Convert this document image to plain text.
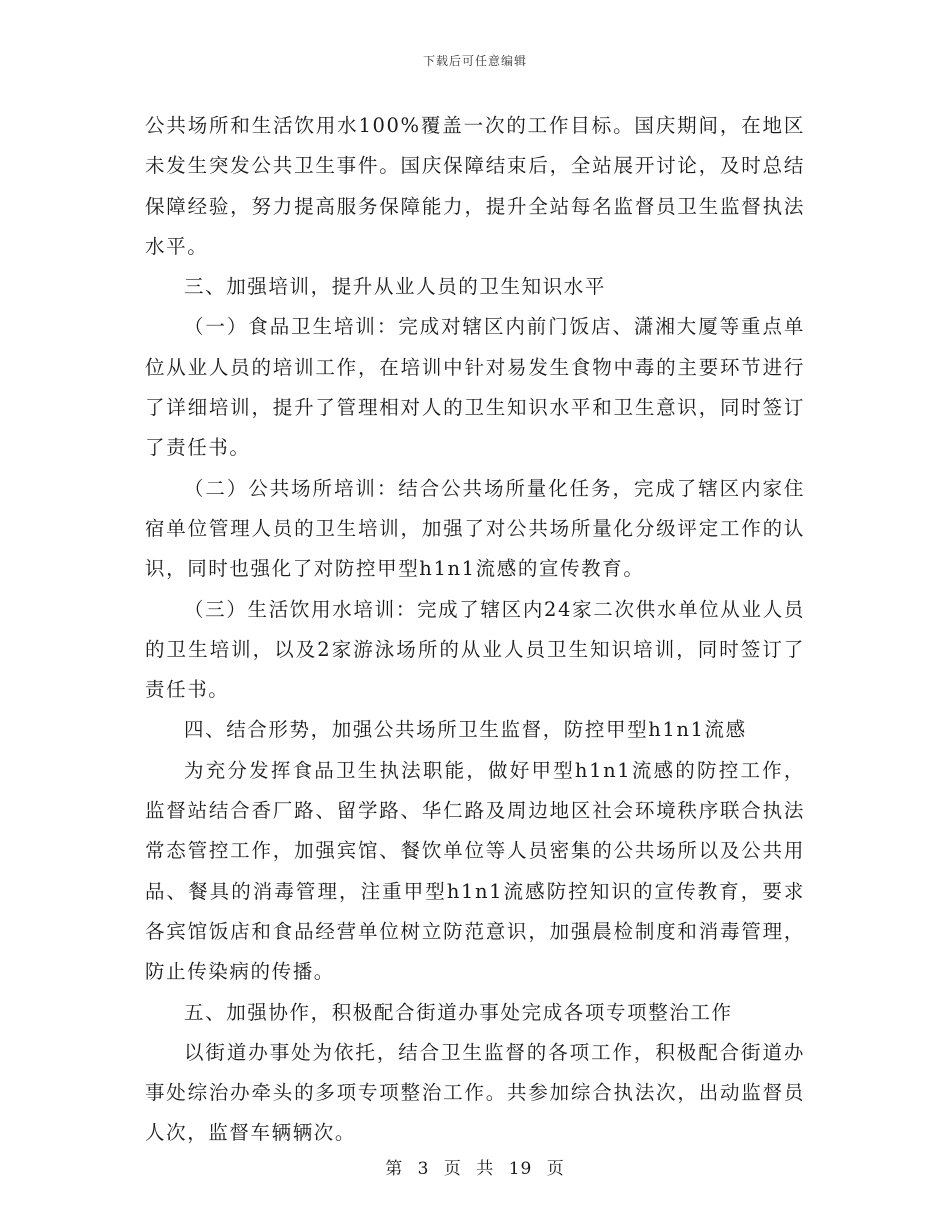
下载后可任意编辑

公共场所和生活饮用水100%覆盖一次的工作目标。国庆期间，在地区未发生突发公共卫生事件。国庆保障结束后，全站展开讨论，及时总结保障经验，努力提高服务保障能力，提升全站每名监督员卫生监督执法水平。

三、加强培训，提升从业人员的卫生知识水平

（一）食品卫生培训：完成对辖区内前门饭店、潇湘大厦等重点单位从业人员的培训工作，在培训中针对易发生食物中毒的主要环节进行了详细培训，提升了管理相对人的卫生知识水平和卫生意识，同时签订了责任书。

（二）公共场所培训：结合公共场所量化任务，完成了辖区内家住宿单位管理人员的卫生培训，加强了对公共场所量化分级评定工作的认识，同时也强化了对防控甲型h1n1流感的宣传教育。

（三）生活饮用水培训：完成了辖区内24家二次供水单位从业人员的卫生培训，以及2家游泳场所的从业人员卫生知识培训，同时签订了责任书。

四、结合形势，加强公共场所卫生监督，防控甲型h1n1流感

为充分发挥食品卫生执法职能，做好甲型h1n1流感的防控工作，监督站结合香厂路、留学路、华仁路及周边地区社会环境秩序联合执法常态管控工作，加强宾馆、餐饮单位等人员密集的公共场所以及公共用品、餐具的消毒管理，注重甲型h1n1流感防控知识的宣传教育，要求各宾馆饭店和食品经营单位树立防范意识，加强晨检制度和消毒管理，防止传染病的传播。

五、加强协作，积极配合街道办事处完成各项专项整治工作

以街道办事处为依托，结合卫生监督的各项工作，积极配合街道办事处综治办牵头的多项专项整治工作。共参加综合执法次，出动监督员人次，监督车辆辆次。

第 3 页 共 19 页
